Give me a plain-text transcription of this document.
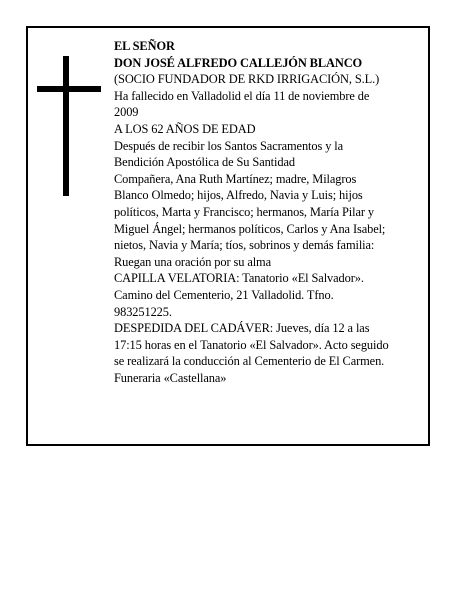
EL SEÑOR
DON JOSÉ ALFREDO CALLEJÓN BLANCO
(SOCIO FUNDADOR DE RKD IRRIGACIÓN, S.L.)
Ha fallecido en Valladolid el día 11 de noviembre de
2009
A LOS 62 AÑOS DE EDAD
Después de recibir los Santos Sacramentos y la
Bendición Apostólica de Su Santidad
Compañera, Ana Ruth Martínez; madre, Milagros
Blanco Olmedo; hijos, Alfredo, Navia y Luis; hijos
políticos, Marta y Francisco; hermanos, María Pilar y
Miguel Ángel; hermanos políticos, Carlos y Ana Isabel;
nietos, Navia y María; tíos, sobrinos y demás familia:
Ruegan una oración por su alma
CAPILLA VELATORIA: Tanatorio «El Salvador».
Camino del Cementerio, 21 Valladolid. Tfno.
983251225.
DESPEDIDA DEL CADÁVER: Jueves, día 12 a las
17:15 horas en el Tanatorio «El Salvador». Acto seguido
se realizará la conducción al Cementerio de El Carmen.
Funeraria «Castellana»
